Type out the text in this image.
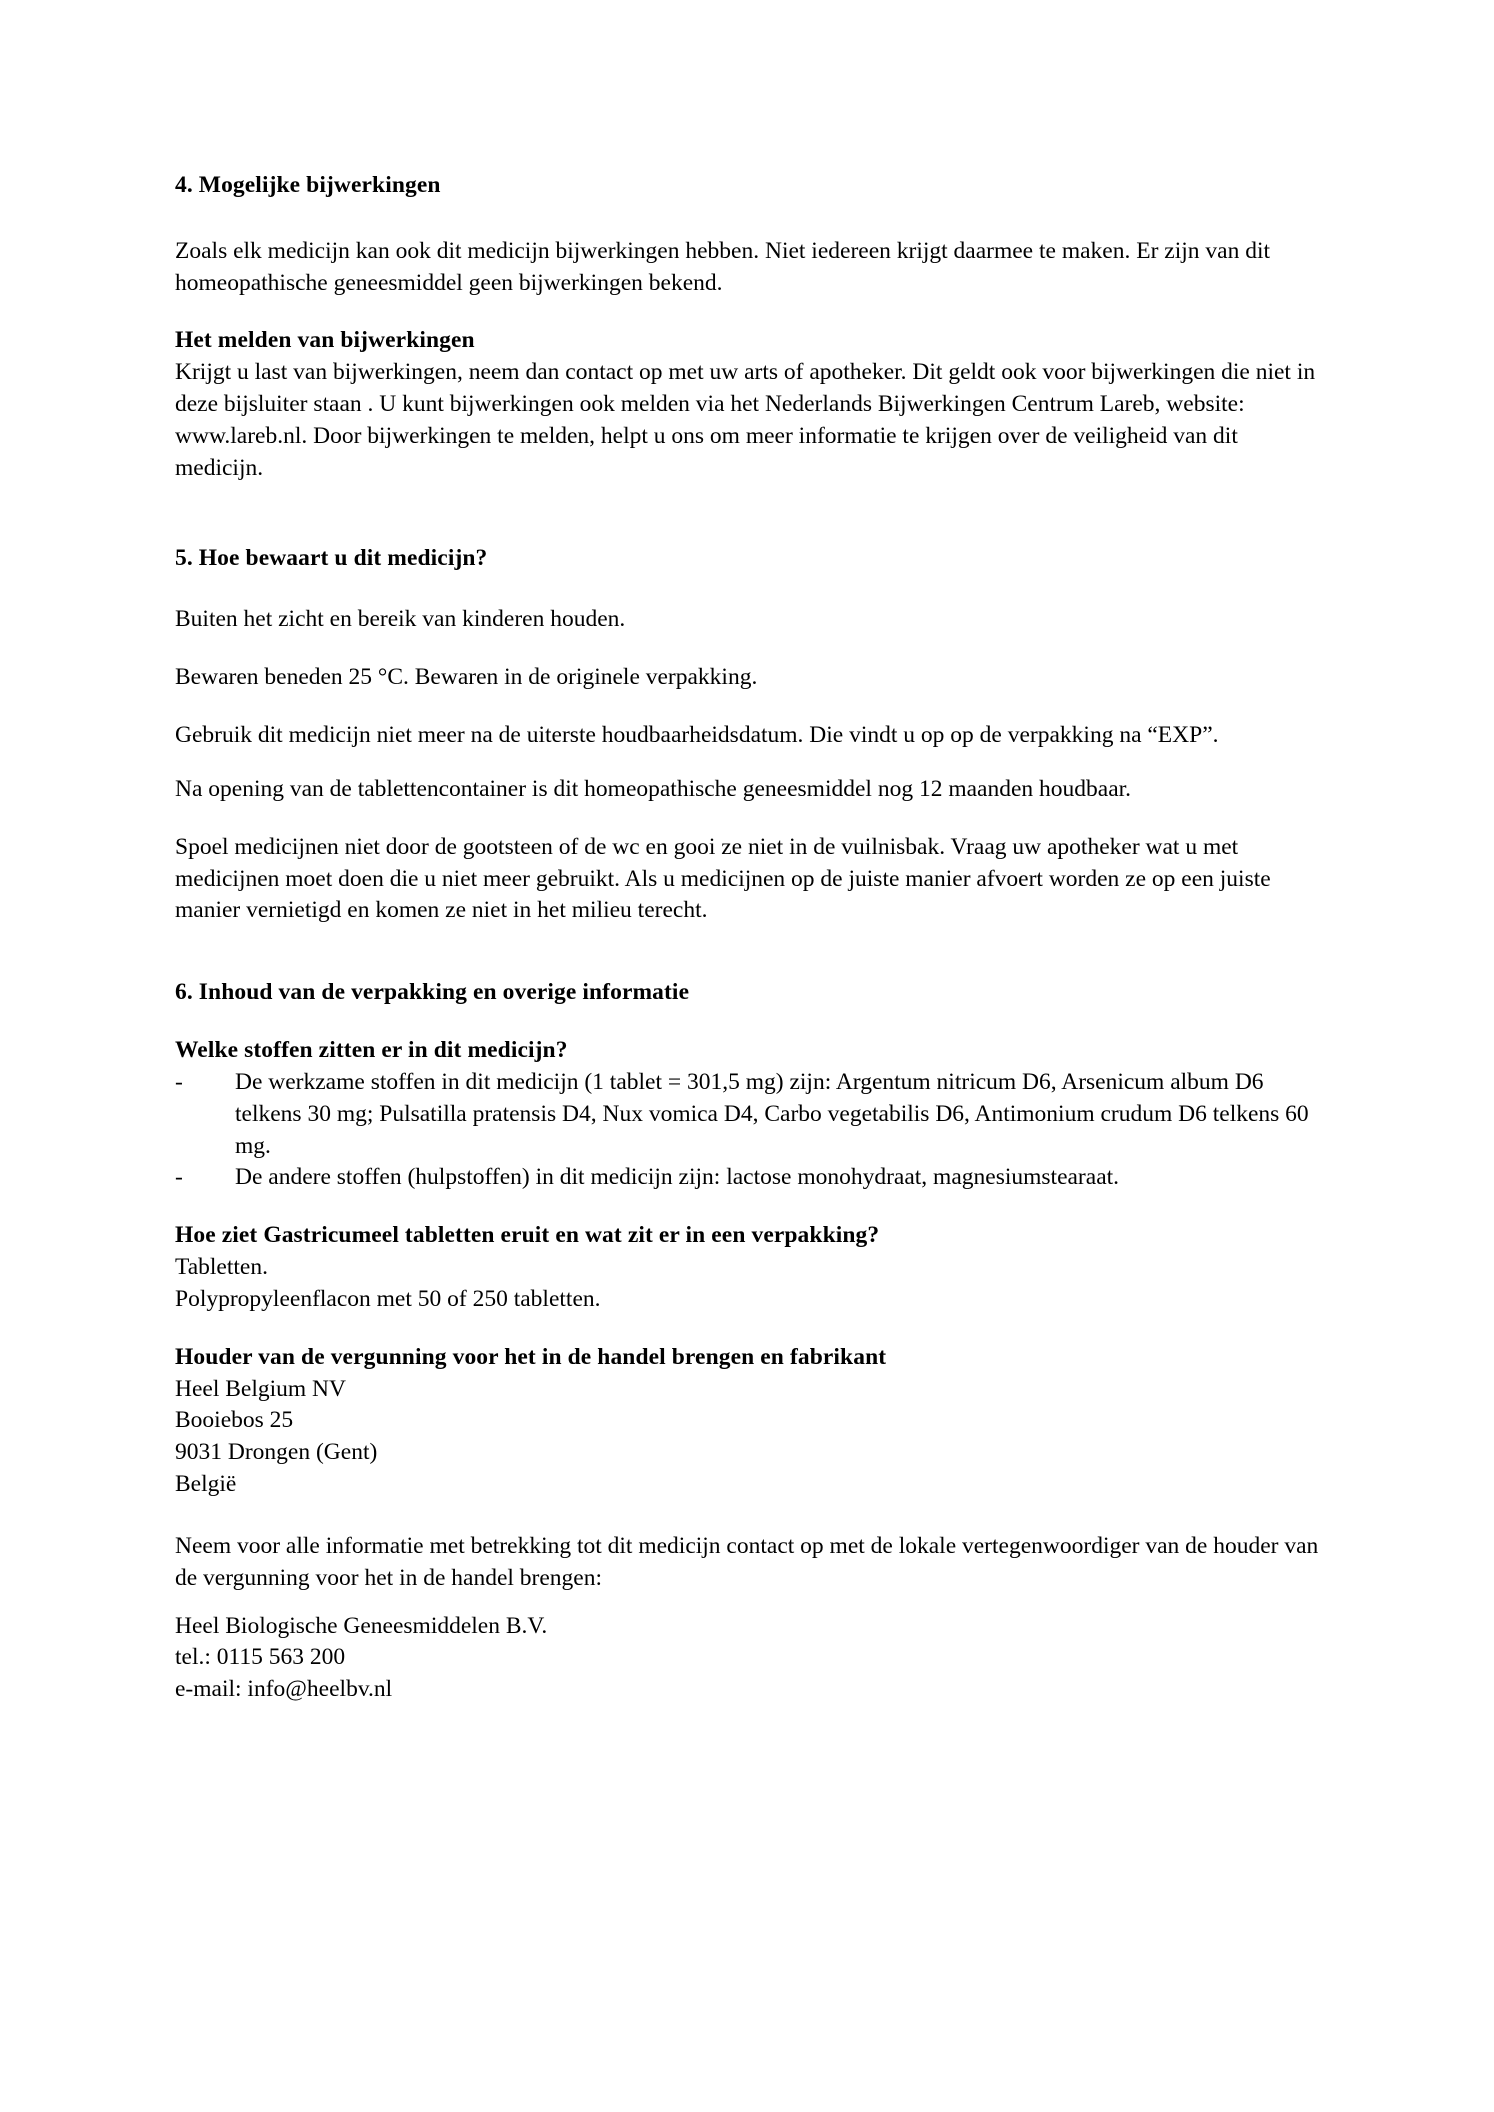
4. Mogelijke bijwerkingen

Zoals elk medicijn kan ook dit medicijn bijwerkingen hebben. Niet iedereen krijgt daarmee te maken. Er zijn van dit homeopathische geneesmiddel geen bijwerkingen bekend.

Het melden van bijwerkingen

Krijgt u last van bijwerkingen, neem dan contact op met uw arts of apotheker. Dit geldt ook voor bijwerkingen die niet in deze bijsluiter staan . U kunt bijwerkingen ook melden via het Nederlands Bijwerkingen Centrum Lareb, website: www.lareb.nl. Door bijwerkingen te melden, helpt u ons om meer informatie te krijgen over de veiligheid van dit medicijn.

5. Hoe bewaart u dit medicijn?

Buiten het zicht en bereik van kinderen houden.

Bewaren beneden 25 °C. Bewaren in de originele verpakking.

Gebruik dit medicijn niet meer na de uiterste houdbaarheidsdatum. Die vindt u op op de verpakking na “EXP”.

Na opening van de tablettencontainer is dit homeopathische geneesmiddel nog 12 maanden houdbaar.

Spoel medicijnen niet door de gootsteen of de wc en gooi ze niet in de vuilnisbak. Vraag uw apotheker wat u met medicijnen moet doen die u niet meer gebruikt. Als u medicijnen op de juiste manier afvoert worden ze op een juiste manier vernietigd en komen ze niet in het milieu terecht.

6. Inhoud van de verpakking en overige informatie
Welke stoffen zitten er in dit medicijn?
- De werkzame stoffen in dit medicijn (1 tablet = 301,5 mg) zijn: Argentum nitricum D6, Arsenicum album D6 telkens 30 mg; Pulsatilla pratensis D4, Nux vomica D4, Carbo vegetabilis D6, Antimonium crudum D6 telkens 60 mg.
- De andere stoffen (hulpstoffen) in dit medicijn zijn: lactose monohydraat, magnesiumstearaat.
Hoe ziet Gastricumeel tabletten eruit en wat zit er in een verpakking?

Tabletten.

Polypropyleenflacon met 50 of 250 tabletten.

Houder van de vergunning voor het in de handel brengen en fabrikant

Heel Belgium NV

Booiebos 25

9031 Drongen (Gent)

België

Neem voor alle informatie met betrekking tot dit medicijn contact op met de lokale vertegenwoordiger van de houder van de vergunning voor het in de handel brengen:

Heel Biologische Geneesmiddelen B.V.

tel.: 0115 563 200

e-mail: info@heelbv.nl
